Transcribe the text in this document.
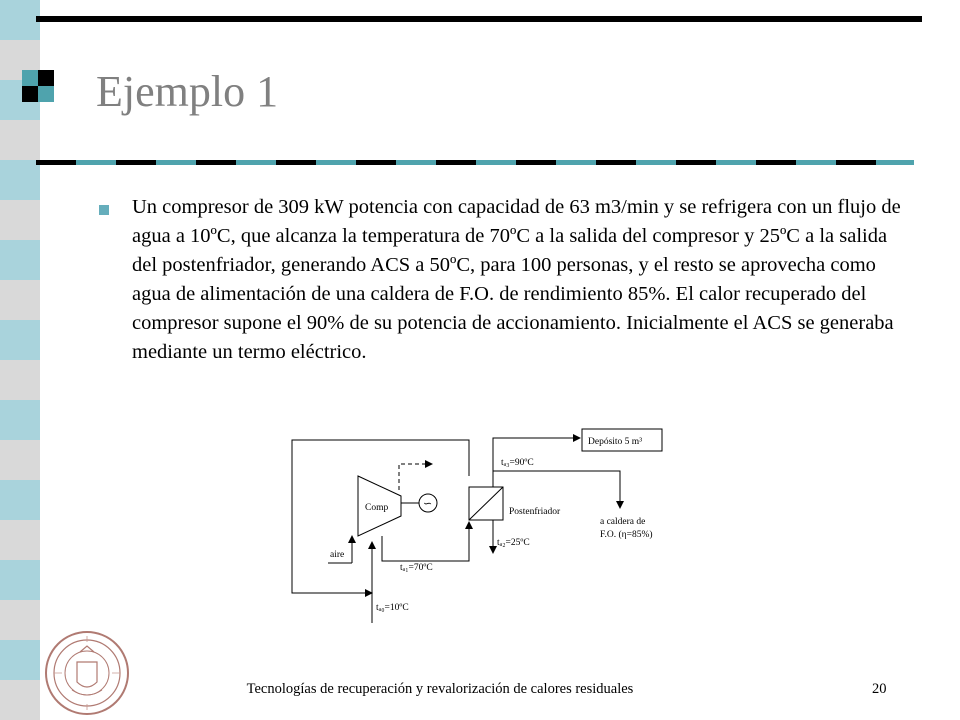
Ejemplo 1
Un compresor de 309 kW potencia con capacidad de 63 m3/min y se refrigera con un flujo de agua a 10ºC, que alcanza la temperatura de 70ºC a la salida del compresor y 25ºC a la salida del postenfriador, generando ACS a 50ºC, para 100 personas, y el resto se aprovecha como agua de alimentación de una caldera de F.O. de rendimiento 85%. El calor recuperado del compresor supone el 90% de su potencia de accionamiento. Inicialmente el ACS se generaba mediante un termo eléctrico.
Comp	∽
Postenfriador
Depósito 5 m³
tₐ₃=90ºC
tₐ₂=25ºC
tₐ₁=70ºC
tₐ₀=10ºC
aire
a caldera de
F.O. (η=85%)
Tecnologías de recuperación y revalorización de calores residuales	20
